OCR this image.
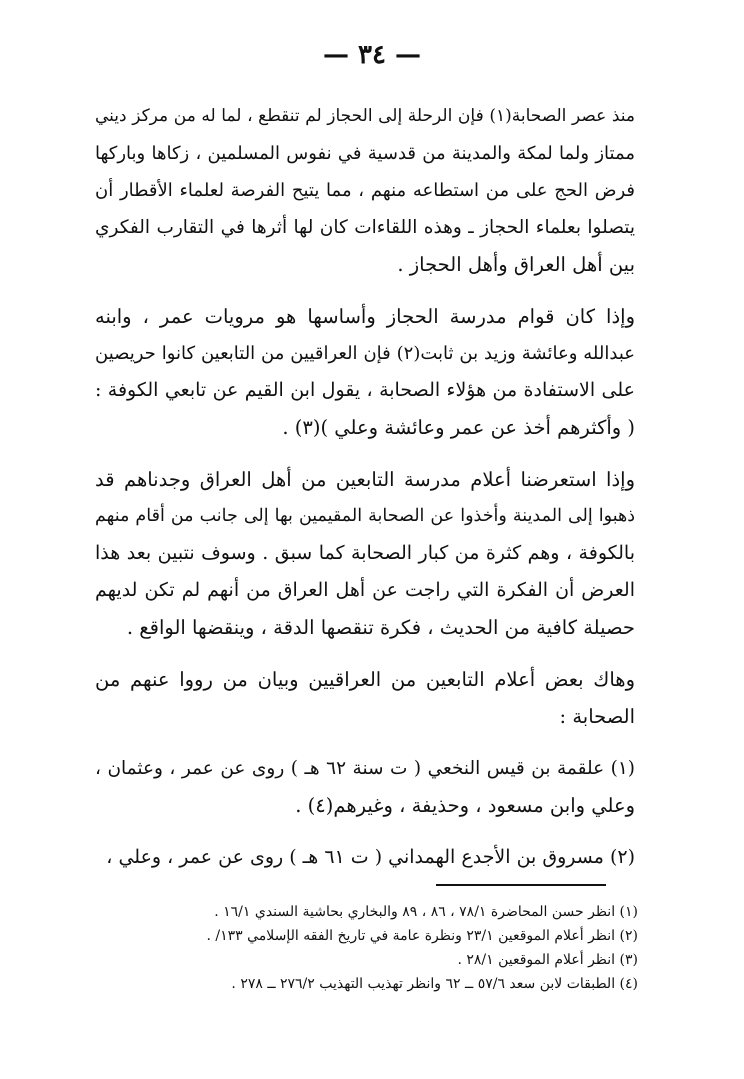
— ٣٤ —
منذ عصر الصحابة(١) فإن الرحلة إلى الحجاز لم تنقطع ، لما له من مركز ديني
ممتاز ولما لمكة والمدينة من قدسية في نفوس المسلمين ، زكاها وباركها
فرض الحج على من استطاعه منهم ، مما يتيح الفرصة لعلماء الأقطار أن
يتصلوا بعلماء الحجاز ـ وهذه اللقاءات كان لها أثرها في التقارب الفكري
بين أهل العراق وأهل الحجاز .
وإذا كان قوام مدرسة الحجاز وأساسها هو مرويات عمر ، وابنه
عبدالله وعائشة وزيد بن ثابت(٢) فإن العراقيين من التابعين كانوا حريصين
على الاستفادة من هؤلاء الصحابة ، يقول ابن القيم عن تابعي الكوفة :
( وأكثرهم أخذ عن عمر وعائشة وعلي )(٣) .
وإذا استعرضنا أعلام مدرسة التابعين من أهل العراق وجدناهم قد
ذهبوا إلى المدينة وأخذوا عن الصحابة المقيمين بها إلى جانب من أقام منهم
بالكوفة ، وهم كثرة من كبار الصحابة كما سبق . وسوف نتبين بعد هذا
العرض أن الفكرة التي راجت عن أهل العراق من أنهم لم تكن لديهم
حصيلة كافية من الحديث ، فكرة تنقصها الدقة ، وينقضها الواقع .
وهاك بعض أعلام التابعين من العراقيين وبيان من رووا عنهم من
الصحابة :
(١) علقمة بن قيس النخعي ( ت سنة ٦٢ هـ ) روى عن عمر ، وعثمان ،
وعلي وابن مسعود ، وحذيفة ، وغيرهم(٤) .
(٢) مسروق بن الأجدع الهمداني ( ت ٦١ هـ ) روى عن عمر ، وعلي ،
(١) انظر حسن المحاضرة ٧٨/١ ، ٨٦ ، ٨٩ والبخاري بحاشية السندي ١٦/١ .
(٢) انظر أعلام الموقعين ٢٣/١ ونظرة عامة في تاريخ الفقه الإسلامي ١٣٣/ .
(٣) انظر أعلام الموقعين ٢٨/١ .
(٤) الطبقات لابن سعد ٥٧/٦ ــ ٦٢ وانظر تهذيب التهذيب ٢٧٦/٢ ــ ٢٧٨ .
